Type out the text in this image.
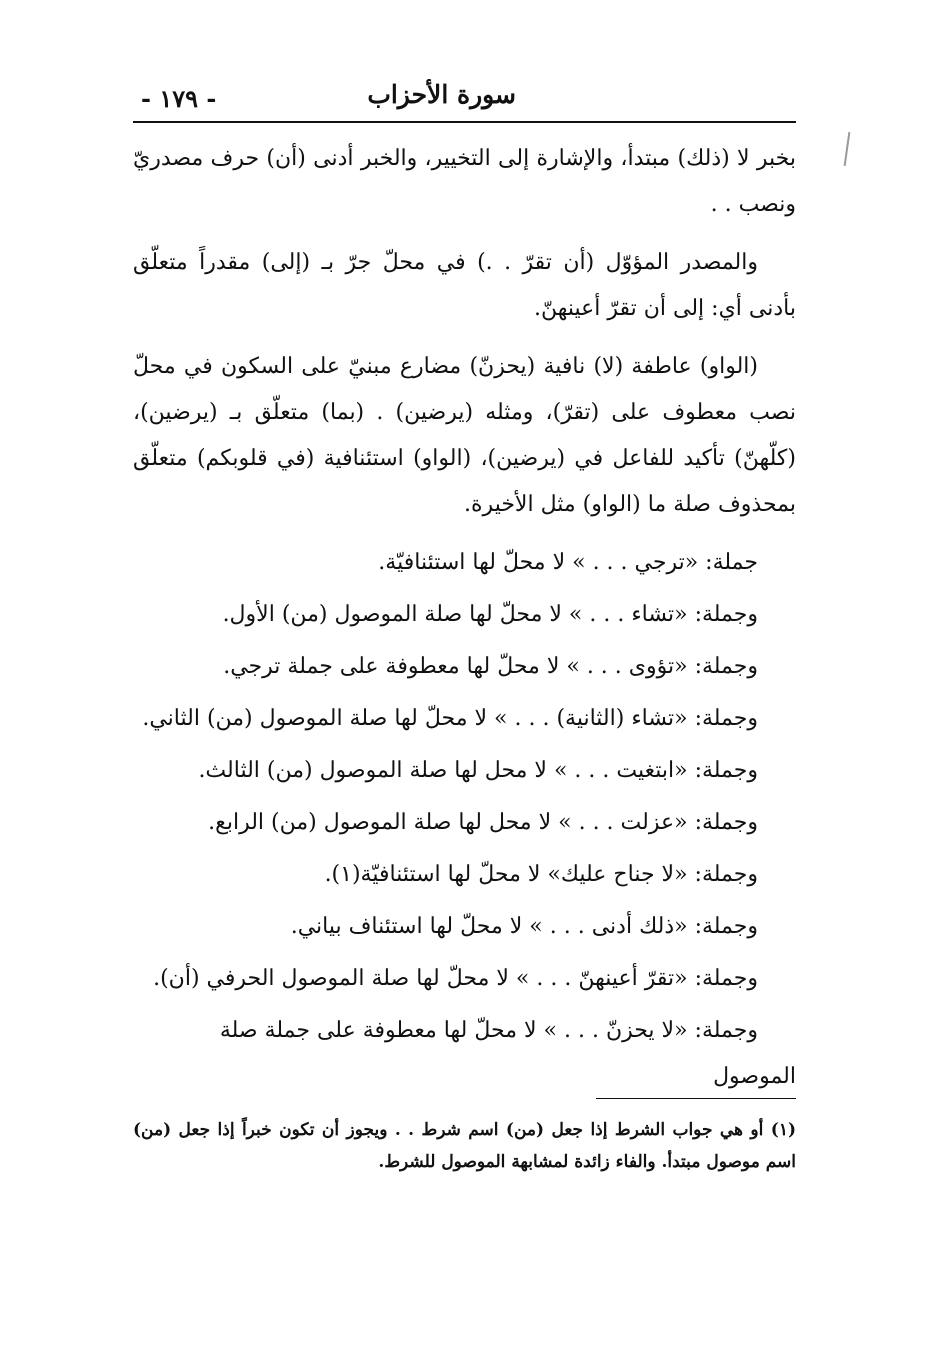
سورة الأحزاب
- ١٧٩ -

بخبر لا (ذلك) مبتدأ، والإشارة إلى التخيير، والخبر أدنى (أن) حرف مصدريّ ونصب . .

والمصدر المؤوّل (أن تقرّ . .) في محلّ جرّ بـ (إلى) مقدراً متعلّق بأدنى أي: إلى أن تقرّ أعينهنّ.

(الواو) عاطفة (لا) نافية (يحزنّ) مضارع مبنيّ على السكون في محلّ نصب معطوف على (تقرّ)، ومثله (يرضين) . (بما) متعلّق بـ (يرضين)، (كلّهنّ) تأكيد للفاعل في (يرضين)، (الواو) استئنافية (في قلوبكم) متعلّق بمحذوف صلة ما (الواو) مثل الأخيرة.

جملة: «ترجي . . . » لا محلّ لها استئنافيّة.

وجملة: «تشاء . . . » لا محلّ لها صلة الموصول (من) الأول.

وجملة: «تؤوى . . . » لا محلّ لها معطوفة على جملة ترجي.

وجملة: «تشاء (الثانية) . . . » لا محلّ لها صلة الموصول (من) الثاني.

وجملة: «ابتغيت . . . » لا محل لها صلة الموصول (من) الثالث.

وجملة: «عزلت . . . » لا محل لها صلة الموصول (من) الرابع.

وجملة: «لا جناح عليك» لا محلّ لها استئنافيّة(١).

وجملة: «ذلك أدنى . . . » لا محلّ لها استئناف بياني.

وجملة: «تقرّ أعينهنّ . . . » لا محلّ لها صلة الموصول الحرفي (أن).

وجملة: «لا يحزنّ . . . » لا محلّ لها معطوفة على جملة صلة الموصول

(١) أو هي جواب الشرط إذا جعل (من) اسم شرط . . ويجوز أن تكون خبراً إذا جعل (من) اسم موصول مبتدأ. والفاء زائدة لمشابهة الموصول للشرط.
